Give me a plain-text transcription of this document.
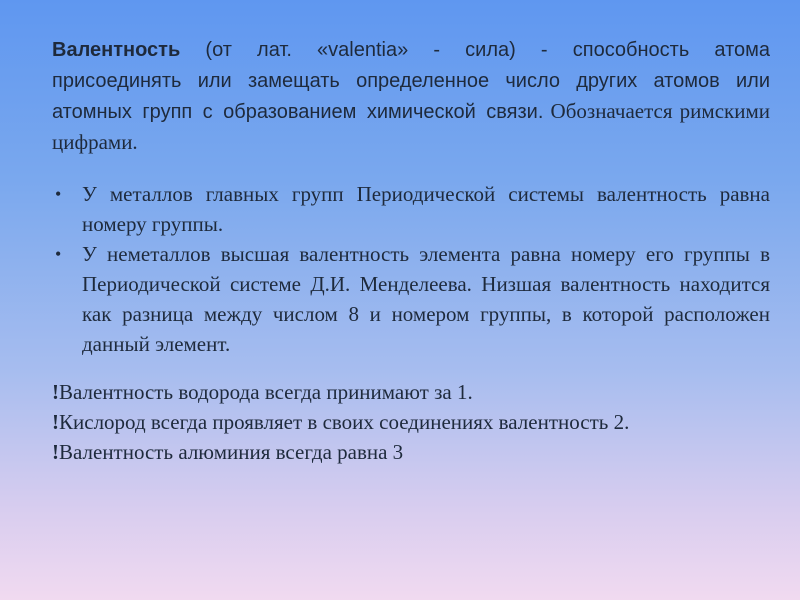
Валентность (от лат. «valentia» - сила) - способность атома присоединять или замещать определенное число других атомов или атомных групп с образованием химической связи. Обозначается римскими цифрами.

• У металлов главных групп Периодической системы валентность равна номеру группы.
• У неметаллов высшая валентность элемента равна номеру его группы в Периодической системе Д.И. Менделеева. Низшая валентность находится как разница между числом 8 и номером группы, в которой расположен данный элемент.

!Валентность водорода всегда принимают за 1.

!Кислород всегда проявляет в своих соединениях валентность 2.

!Валентность алюминия всегда равна 3
